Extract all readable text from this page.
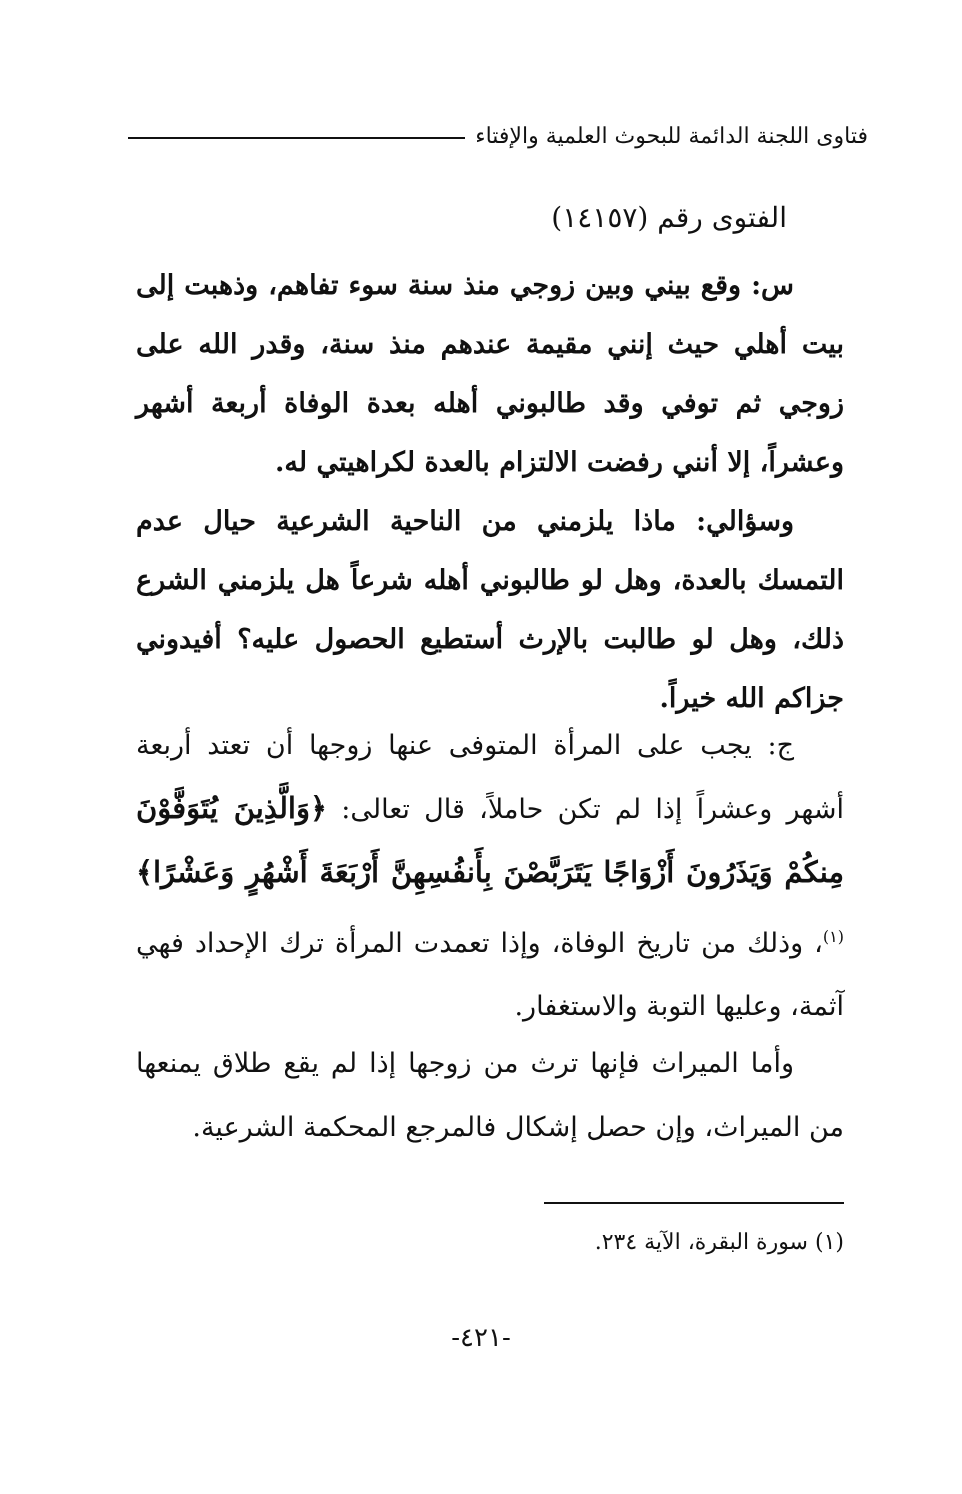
فتاوى اللجنة الدائمة للبحوث العلمية والإفتاء
الفتوى رقم (١٤١٥٧)

س: وقع بيني وبين زوجي منذ سنة سوء تفاهم، وذهبت إلى بيت أهلي حيث إنني مقيمة عندهم منذ سنة، وقدر الله على زوجي ثم توفي وقد طالبوني أهله بعدة الوفاة أربعة أشهر وعشراً، إلا أنني رفضت الالتزام بالعدة لكراهيتي له.

وسؤالي: ماذا يلزمني من الناحية الشرعية حيال عدم التمسك بالعدة، وهل لو طالبوني أهله شرعاً هل يلزمني الشرع ذلك، وهل لو طالبت بالإرث أستطيع الحصول عليه؟ أفيدوني جزاكم الله خيراً.

ج: يجب على المرأة المتوفى عنها زوجها أن تعتد أربعة أشهر وعشراً إذا لم تكن حاملاً، قال تعالى: ﴿وَالَّذِينَ يُتَوَفَّوْنَ مِنكُمْ وَيَذَرُونَ أَزْوَاجًا يَتَرَبَّصْنَ بِأَنفُسِهِنَّ أَرْبَعَةَ أَشْهُرٍ وَعَشْرًا﴾$^{(١)}$، وذلك من تاريخ الوفاة، وإذا تعمدت المرأة ترك الإحداد فهي آثمة، وعليها التوبة والاستغفار.

وأما الميراث فإنها ترث من زوجها إذا لم يقع طلاق يمنعها من الميراث، وإن حصل إشكال فالمرجع المحكمة الشرعية.

(١) سورة البقرة، الآية ٢٣٤.
-٤٢١-
